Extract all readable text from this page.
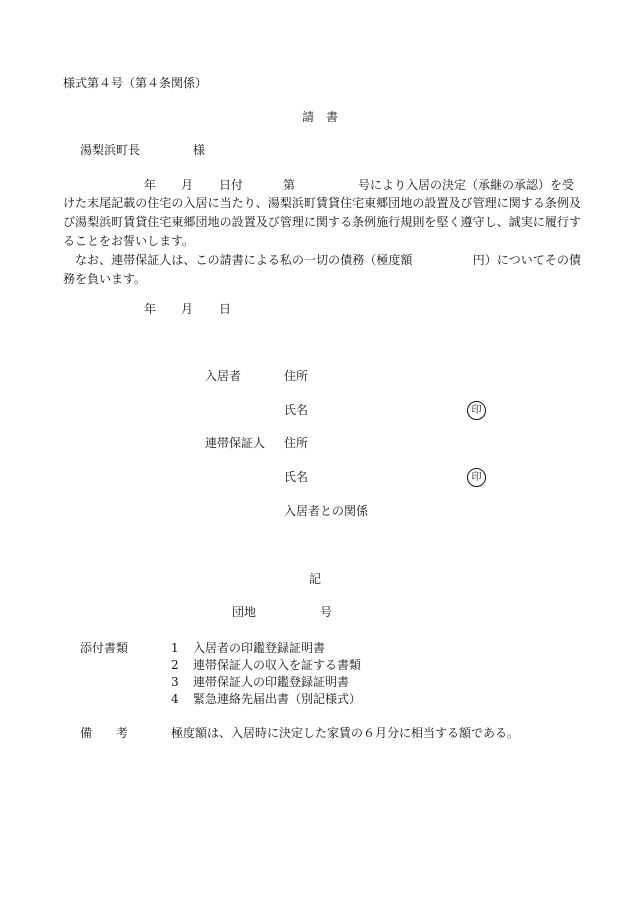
様式第４号（第４条関係）
請　書
湯梨浜町長	様
年 月 日付	第	号により入居の決定（承継の承認）を受

けた末尾記載の住宅の入居に当たり、湯梨浜町賃貸住宅東郷団地の設置及び管理に関する条例及び湯梨浜町賃貸住宅東郷団地の設置及び管理に関する条例施行規則を堅く遵守し、誠実に履行することをお誓いします。

なお、連帯保証人は、この請書による私の一切の債務（極度額　　　　　円）についてその債務を負います。

年 月 日
入居者	住所
氏名	印
連帯保証人 住所
氏名	印
入居者との関係
記
団地	号
添付書類	1 入居者の印鑑登録証明書
2 連帯保証人の収入を証する書類
3 連帯保証人の印鑑登録証明書
4 緊急連絡先届出書（別記様式）
備　　考	極度額は、入居時に決定した家賃の６月分に相当する額である。
